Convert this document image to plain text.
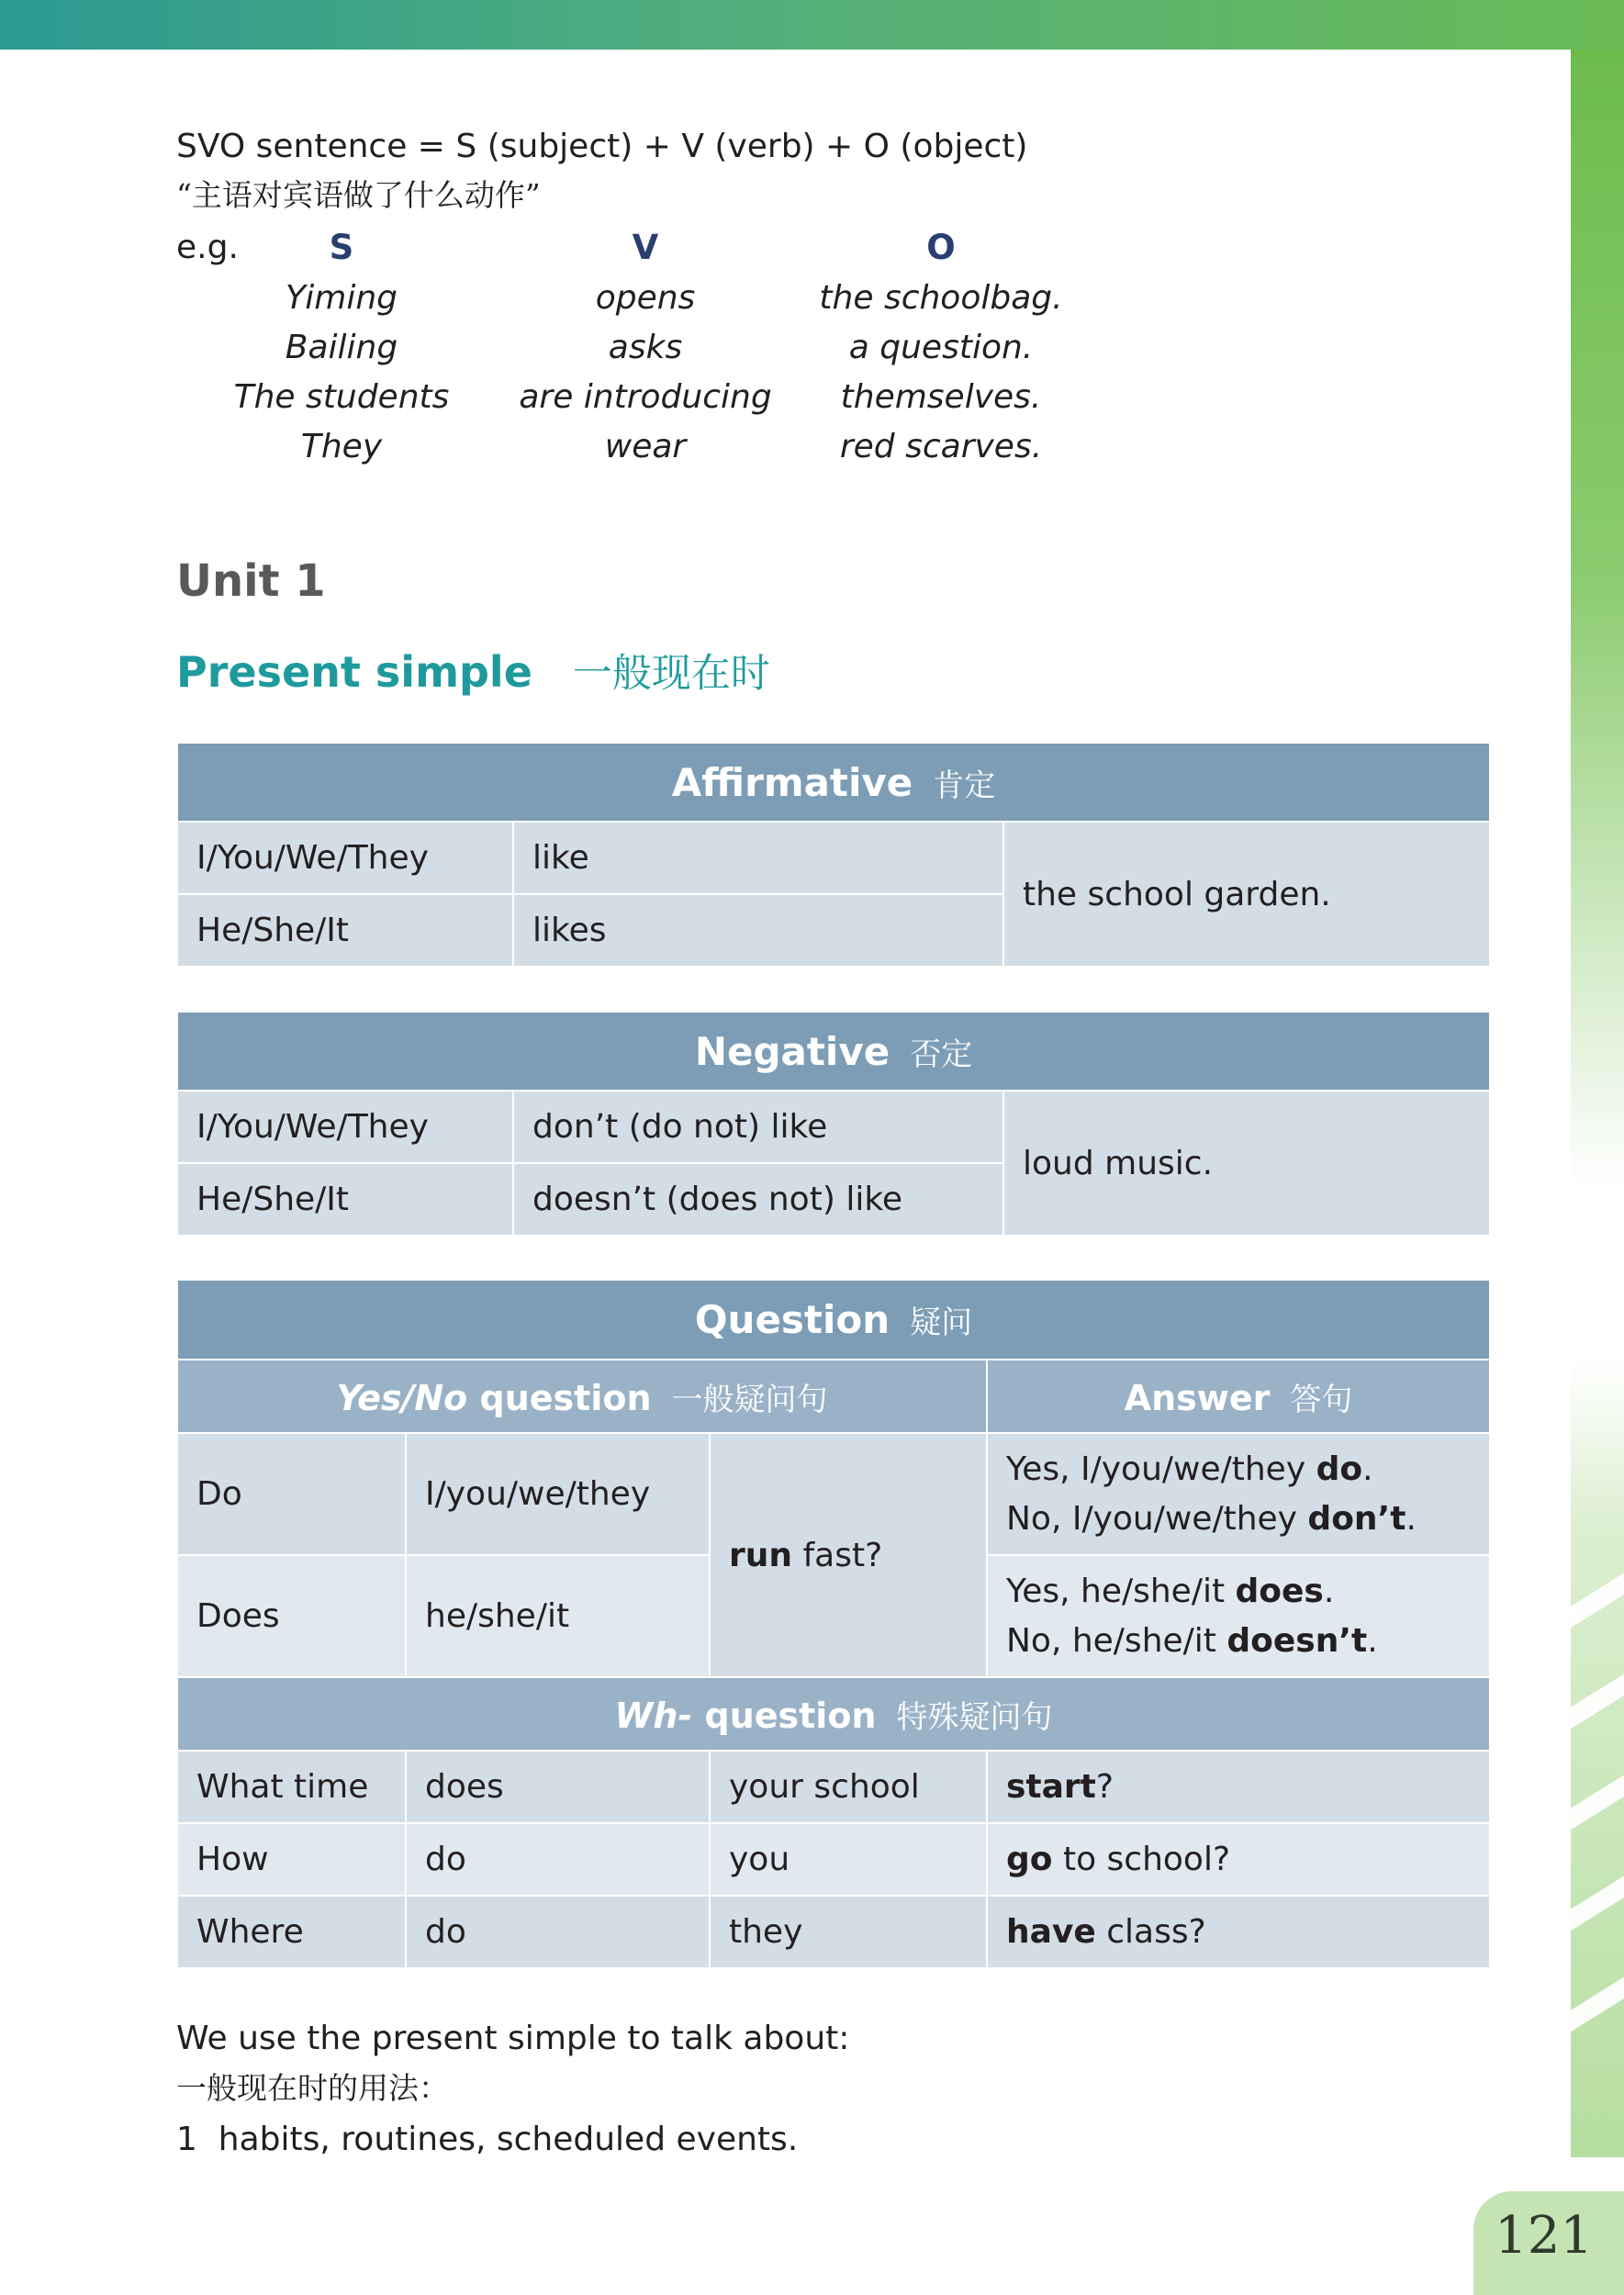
121
SVO sentence = S (subject) + V (verb) + O (object)
“主语对宾语做了什么动作”
e.g.	S	V	O
Yiming	opens	the schoolbag.
Bailing	asks	a question.
The students	are introducing	themselves.
They	wear	red scarves.
Unit 1
Present simple 一般现在时
Affirmative 肯定		
I/You/We/They	like	the school garden.
He/She/It	likes	
Negative 否定		
I/You/We/They	don’t (do not) like	loud music.
He/She/It	doesn’t (does not) like	
Question 疑问			
Yes/No question 一般疑问句			Answer 答句
Do	I/you/we/they	run fast?	Yes, I/you/we/they do.
No, I/you/we/they don’t.

Does	he/she/it		Yes, he/she/it does.
No, he/she/it doesn’t.

Wh- question 特殊疑问句			
What time	does	your school	start?
How	do	you	go to school?
Where	do	they	have class?
We use the present simple to talk about:
一般现在时的用法：
1 habits, routines, scheduled events.
